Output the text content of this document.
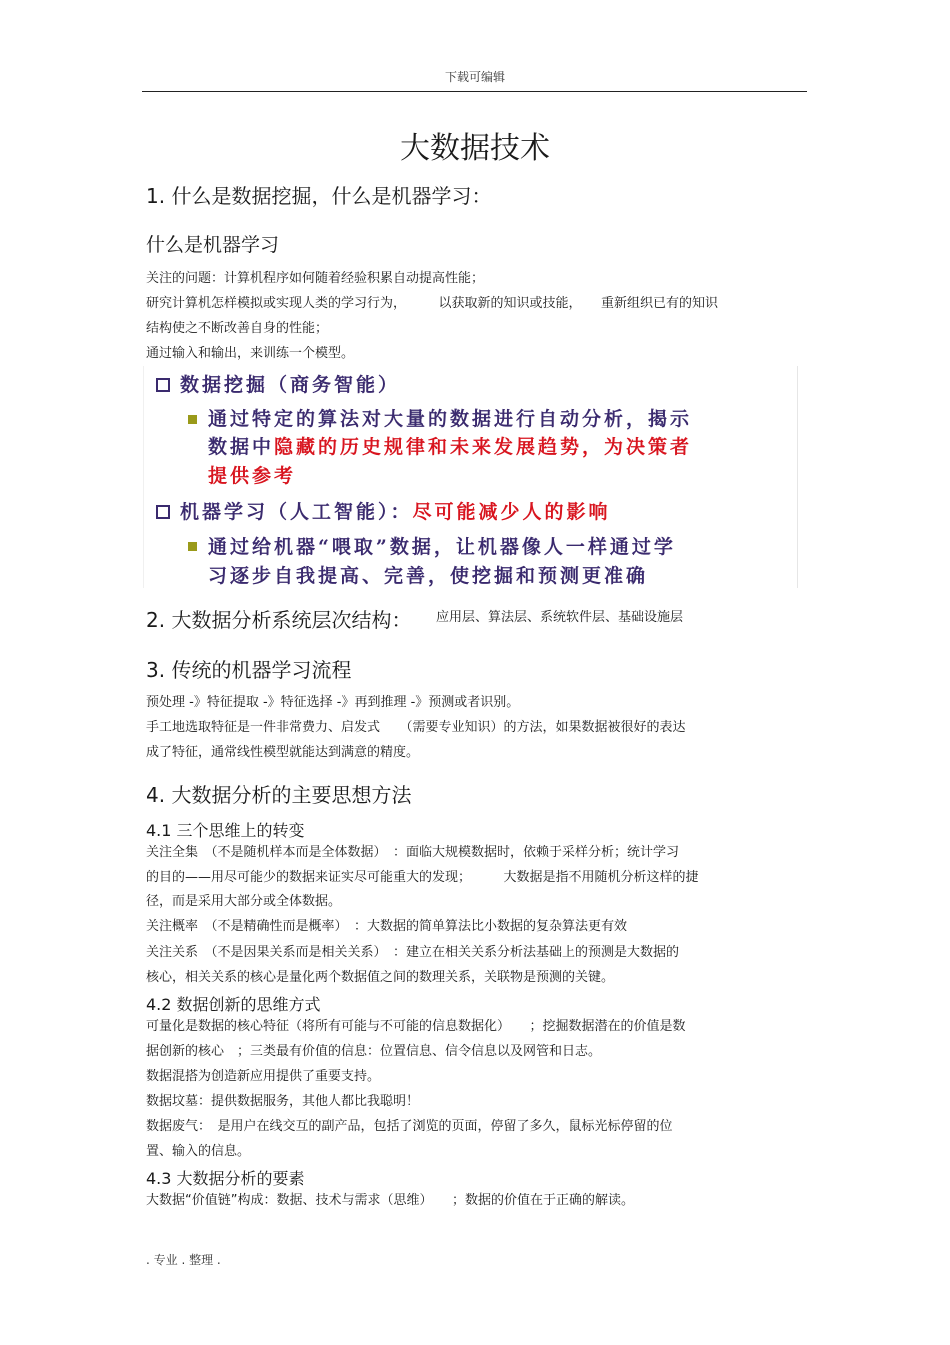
下载可编辑
大数据技术
1. 什么是数据挖掘，什么是机器学习：
什么是机器学习
关注的问题：计算机程序如何随着经验积累自动提高性能；
研究计算机怎样模拟或实现人类的学习行为，　　　以获取新的知识或技能，　　重新组织已有的知识
结构使之不断改善自身的性能；
通过输入和输出，来训练一个模型。
数据挖掘（商务智能）
通过特定的算法对大量的数据进行自动分析，揭示
数据中隐藏的历史规律和未来发展趋势，为决策者
提供参考
机器学习（人工智能）：尽可能减少人的影响
通过给机器“喂取”数据，让机器像人一样通过学
习逐步自我提高、完善，使挖掘和预测更准确
2. 大数据分析系统层次结构： 应用层、算法层、系统软件层、基础设施层
3. 传统的机器学习流程
预处理 -》特征提取 -》特征选择 -》再到推理 -》预测或者识别。
手工地选取特征是一件非常费力、启发式　　（需要专业知识）的方法，如果数据被很好的表达
成了特征，通常线性模型就能达到满意的精度。
4. 大数据分析的主要思想方法
4.1 三个思维上的转变
关注全集　（不是随机样本而是全体数据）　：面临大规模数据时，依赖于采样分析；统计学习
的目的——用尽可能少的数据来证实尽可能重大的发现；　　　大数据是指不用随机分析这样的捷
径，而是采用大部分或全体数据。
关注概率　（不是精确性而是概率）　：大数据的简单算法比小数据的复杂算法更有效
关注关系　（不是因果关系而是相关关系）　：建立在相关关系分析法基础上的预测是大数据的
核心，相关关系的核心是量化两个数据值之间的数理关系，关联物是预测的关键。
4.2 数据创新的思维方式
可量化是数据的核心特征（将所有可能与不可能的信息数据化）　　；挖掘数据潜在的价值是数
据创新的核心　；三类最有价值的信息：位置信息、信令信息以及网管和日志。
数据混搭为创造新应用提供了重要支持。
数据坟墓：提供数据服务，其他人都比我聪明！
数据废气：　是用户在线交互的副产品，包括了浏览的页面，停留了多久，鼠标光标停留的位
置、输入的信息。
4.3 大数据分析的要素
大数据“价值链”构成：数据、技术与需求（思维）　　；数据的价值在于正确的解读。
. 专业 . 整理 .
